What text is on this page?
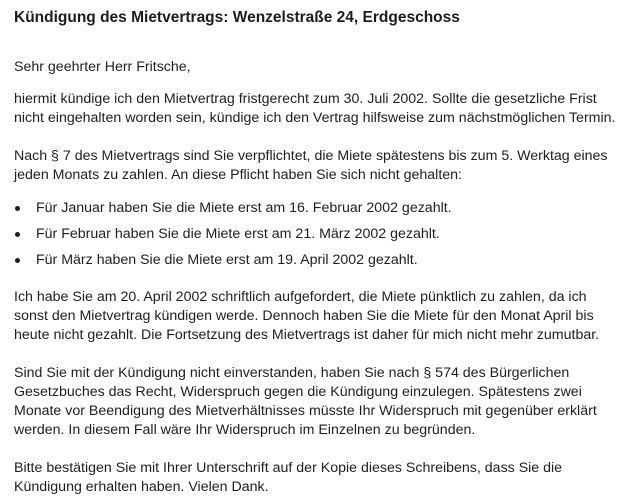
Kündigung des Mietvertrags: Wenzelstraße 24, Erdgeschoss

Sehr geehrter Herr Fritsche,

hiermit kündige ich den Mietvertrag fristgerecht zum 30. Juli 2002. Sollte die gesetzliche Frist nicht eingehalten worden sein, kündige ich den Vertrag hilfsweise zum nächstmöglichen Termin.

Nach § 7 des Mietvertrags sind Sie verpflichtet, die Miete spätestens bis zum 5. Werktag eines jeden Monats zu zahlen. An diese Pflicht haben Sie sich nicht gehalten:

Für Januar haben Sie die Miete erst am 16. Februar 2002 gezahlt.
Für Februar haben Sie die Miete erst am 21. März 2002 gezahlt.
Für März haben Sie die Miete erst am 19. April 2002 gezahlt.

Ich habe Sie am 20. April 2002 schriftlich aufgefordert, die Miete pünktlich zu zahlen, da ich sonst den Mietvertrag kündigen werde. Dennoch haben Sie die Miete für den Monat April bis heute nicht gezahlt. Die Fortsetzung des Mietvertrags ist daher für mich nicht mehr zumutbar.

Sind Sie mit der Kündigung nicht einverstanden, haben Sie nach § 574 des Bürgerlichen Gesetzbuches das Recht, Widerspruch gegen die Kündigung einzulegen. Spätestens zwei Monate vor Beendigung des Mietverhältnisses müsste Ihr Widerspruch mit gegenüber erklärt werden. In diesem Fall wäre Ihr Widerspruch im Einzelnen zu begründen.

Bitte bestätigen Sie mit Ihrer Unterschrift auf der Kopie dieses Schreibens, dass Sie die Kündigung erhalten haben. Vielen Dank.
